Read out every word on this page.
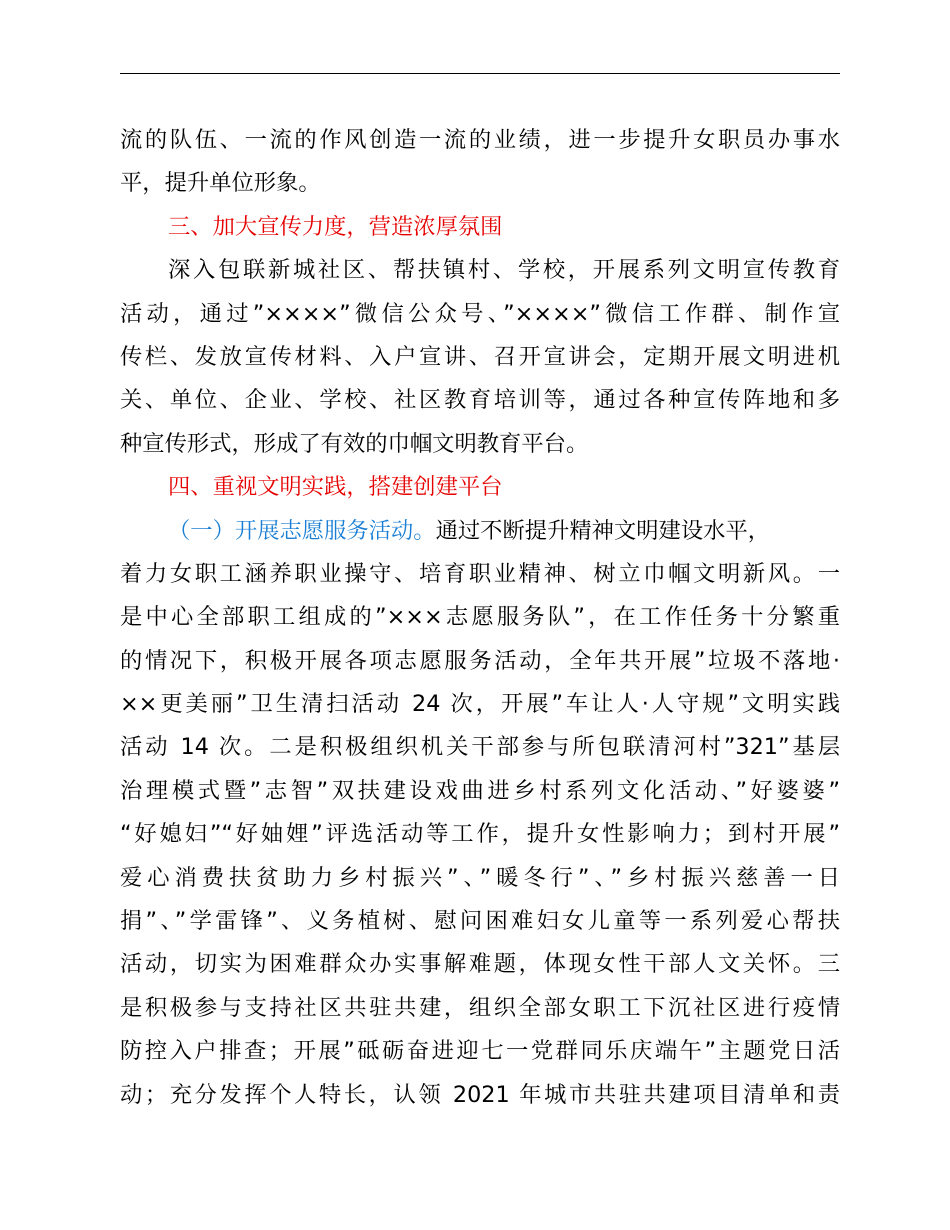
流的队伍、一流的作风创造一流的业绩，进一步提升女职员办事水
平，提升单位形象。
三、加大宣传力度，营造浓厚氛围
深入包联新城社区、帮扶镇村、学校，开展系列文明宣传教育
活动，通过”××××”微信公众号、”××××”微信工作群、制作宣
传栏、发放宣传材料、入户宣讲、召开宣讲会，定期开展文明进机
关、单位、企业、学校、社区教育培训等，通过各种宣传阵地和多
种宣传形式，形成了有效的巾帼文明教育平台。
四、重视文明实践，搭建创建平台
（一）开展志愿服务活动。通过不断提升精神文明建设水平，
着力女职工涵养职业操守、培育职业精神、树立巾帼文明新风。一
是中心全部职工组成的”×××志愿服务队”，在工作任务十分繁重
的情况下，积极开展各项志愿服务活动，全年共开展”垃圾不落地·
××更美丽”卫生清扫活动 24 次，开展”车让人·人守规”文明实践
活动 14 次。二是积极组织机关干部参与所包联清河村”321”基层
治理模式暨”志智”双扶建设戏曲进乡村系列文化活动、”好婆婆”
“好媳妇”“好妯娌”评选活动等工作，提升女性影响力；到村开展”
爱心消费扶贫助力乡村振兴”、”暖冬行”、”乡村振兴慈善一日
捐”、”学雷锋”、义务植树、慰问困难妇女儿童等一系列爱心帮扶
活动，切实为困难群众办实事解难题，体现女性干部人文关怀。三
是积极参与支持社区共驻共建，组织全部女职工下沉社区进行疫情
防控入户排查；开展”砥砺奋进迎七一党群同乐庆端午”主题党日活
动；充分发挥个人特长，认领 2021 年城市共驻共建项目清单和责
